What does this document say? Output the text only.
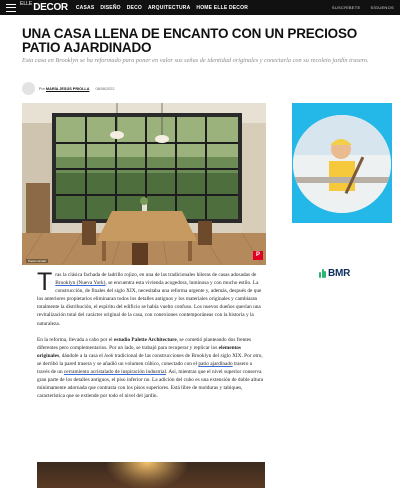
$^{ELLE}$DECOR CASAS DISEÑO DECO ARQUITECTURA HOME ELLE DECOR	SUSCRÍBETE	SÍGUENOS
UNA CASA LLENA DE ENCANTO CON UN PRECIOSO PATIO AJARDINADO

Esta casa en Brooklyn se ha reformado para poner en valor sus señas de identidad originales y conectarla con su recoleto jardín trasero.

Por MARÍA JESÚS PRIOLLA 08/08/2022
Paola Gindell
P

Tras la clásica fachada de ladrillo rojizo, en una de las tradicionales hileras de casas adosadas de Brooklyn (Nueva York), se encuentra esta vivienda acogedora, luminosa y con mucho estilo. La construcción, de finales del siglo XIX, necesitaba una reforma urgente y, además, después de que los anteriores propietarios eliminaran todos los detalles antiguos y los materiales originales y cambiaran totalmente la distribución, el espíritu del edificio se había vuelto confuso. Los nuevos dueños querían una revitalización total del carácter original de la casa, con conexiones contemporáneas con la historia y la naturaleza.

En la reforma, llevada a cabo por el estudio Palette Architecture, se cometió planteando dos frentes diferentes pero complementarios. Por un lado, se trabajó para recuperar y replicar los elementos originales, dándole a la casa el look tradicional de las construcciones de Brooklyn del siglo XIX. Por otro, se derribó la pared trasera y se añadió un volumen cúbico, conectado con el patio ajardinado trasero a través de un cerramiento acristalado de inspiración industrial. Así, mientras que el nivel superior conserva gran parte de los detalles antiguos, el piso inferior no. La adición del cubo es una extensión de doble altura mínimamente adornada que contrasta con los pisos superiores. Está libre de molduras y tabiques, característica que se extiende por todo el nivel del jardín.

BMR
